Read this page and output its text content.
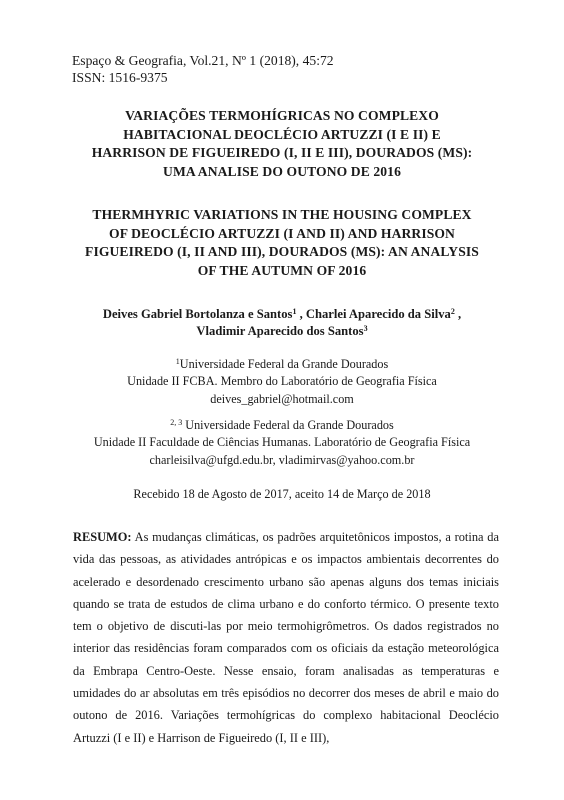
Espaço & Geografia, Vol.21, Nº 1 (2018), 45:72
ISSN: 1516-9375
VARIAÇÕES TERMOHÍGRICAS NO COMPLEXO
HABITACIONAL DEOCLÉCIO ARTUZZI (I E II) E
HARRISON DE FIGUEIREDO (I, II E III), DOURADOS (MS):
UMA ANALISE DO OUTONO DE 2016
THERMHYRIC VARIATIONS IN THE HOUSING COMPLEX
OF DEOCLÉCIO ARTUZZI (I AND II) AND HARRISON
FIGUEIREDO (I, II AND III), DOURADOS (MS): AN ANALYSIS
OF THE AUTUMN OF 2016
Deives Gabriel Bortolanza e Santos$^1$ , Charlei Aparecido da Silva$^2$ ,
Vladimir Aparecido dos Santos$^3$
$^1$Universidade Federal da Grande Dourados
Unidade II FCBA. Membro do Laboratório de Geografia Física
deives_gabriel@hotmail.com
$^{2, 3}$ Universidade Federal da Grande Dourados
Unidade II Faculdade de Ciências Humanas. Laboratório de Geografia Física
charleisilva@ufgd.edu.br, vladimirvas@yahoo.com.br
Recebido 18 de Agosto de 2017, aceito 14 de Março de 2018
RESUMO: As mudanças climáticas, os padrões arquitetônicos impostos, a rotina da vida das pessoas, as atividades antrópicas e os impactos ambientais decorrentes do acelerado e desordenado crescimento urbano são apenas alguns dos temas iniciais quando se trata de estudos de clima urbano e do conforto térmico. O presente texto tem o objetivo de discuti-las por meio termohigrômetros. Os dados registrados no interior das residências foram comparados com os oficiais da estação meteorológica da Embrapa Centro-Oeste. Nesse ensaio, foram analisadas as temperaturas e umidades do ar absolutas em três episódios no decorrer dos meses de abril e maio do outono de 2016. Variações termohígricas do complexo habitacional Deoclécio Artuzzi (I e II) e Harrison de Figueiredo (I, II e III),
